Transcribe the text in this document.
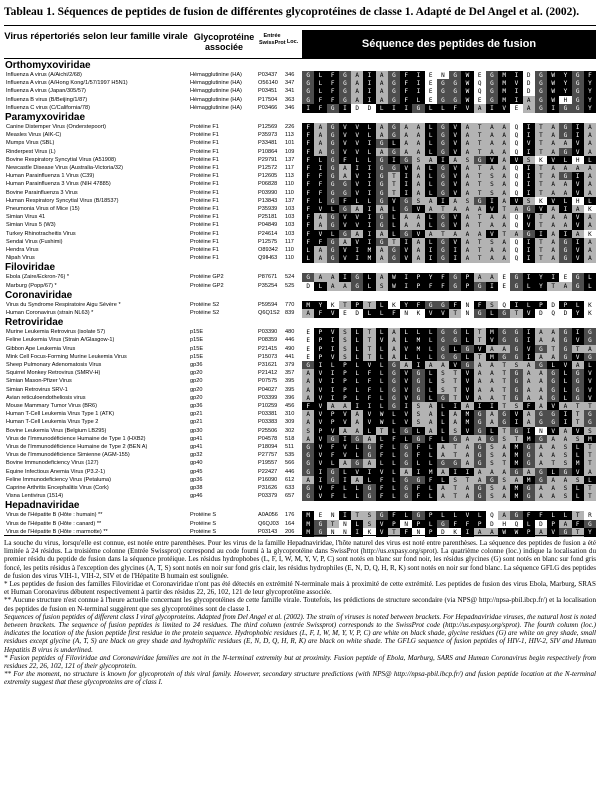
Tableau 1. Séquences de peptides de fusion de différentes glycoprotéines de classe 1. Adapté de Del Angel et al. (2002).
Virus répertoriés selon leur famille virale Glycoprotéine associée
Entrée SwissProt Loc.	Séquence des peptides de fusion
Orthomyxoviridae
Influenza A virus (A/Aichi/2/68)	Hémagglutinine (HA)	P03437	346	G	L	F	G	A	I	A	G	F	I	E	N	G	W	E	G	M	I	D	G	W	Y	G	F
Influenza A virus (A/Hong Kong/1/57/1997 H5N1)	Hémagglutinine (HA)	O56140	347	G	L	F	G	A	I	A	G	F	I	E	G	G	W	Q	G	M	V	D	G	W	Y	G	Y
Influenza A virus (Japan/305/57)	Hémagglutinine (HA)	P03451	341	G	L	F	G	A	I	A	G	F	I	E	G	G	W	Q	G	M	I	D	G	W	Y	G	Y
Influenza B virus (B/Beijing/1/87)	Hémagglutinine (HA)	P17504	363	G	F	F	G	A	I	A	G	F	L	E	G	G	W	E	G	M	I	A	G	W	H	G	Y
Influenza C virus (C/California/78)	Hémagglutinine (HA)	P03466	346	I	F	G	I	D	D	L	I	I	G	L	L	F	V	A	I	V	E	A	G	I	G	G	Y
Paramyxoviridae
Canine Distemper Virus (Onderstepoort)	Protéine F1	P12569	226	F	A	G	V	V	L	A	G	A	A	L	G	V	A	T	A	A	Q	I	T	A	G	I	A
Measles Virus (AIK-C)	Protéine F1	P35973	113	F	A	G	V	V	L	A	G	A	A	L	G	V	A	T	A	A	Q	I	T	A	G	I	A
Mumps Virus (SBL)	Protéine F1	P33481	101	F	A	G	V	V	I	G	L	A	A	L	G	V	A	T	A	A	Q	V	T	A	A	V	A
Rinderpest Virus (L)	Protéine F1	P10864	109	F	A	G	V	V	L	A	G	A	A	L	G	V	A	T	A	A	Q	I	T	A	G	V	A
Bovine Respiratory Syncytial Virus (A51908)	Protéine F1	P29791	137	F	L	G	F	L	L	G	I	G	S	A	I	A	S	G	V	A	V	S	K	V	L	H	L
Newcastle Disease Virus (Australia-Victoria/32)	Protéine F1	P12572	117	F	I	G	A	I	I	G	G	V	A	L	G	V	A	T	A	A	Q	I	T	A	A	A	A
Human Parainfluenza 1 Virus (C39)	Protéine F1	P12605	113	F	F	G	A	V	I	G	T	I	A	L	G	V	A	T	S	A	Q	I	T	A	G	I	A
Human Parainfluenza 3 Virus (NIH 47885)	Protéine F1	P06828	110	F	F	G	G	V	I	G	T	I	A	L	G	V	A	T	S	A	Q	I	T	A	A	V	A
Bovine Parainfluenza 3 Virus	Protéine F1	P03990	110	F	F	G	G	V	I	G	T	I	A	L	G	V	A	T	S	A	Q	I	T	A	A	V	A
Human Respiratory Syncytial Virus (B/18537)	Protéine F1	P13843	137	F	L	G	F	L	L	G	V	G	S	A	I	A	S	G	I	A	V	S	K	V	L	H	L
Pneumonia Virus of Mice (15)	Protéine F1	P35939	103	F	V	L	G	A	I	A	L	G	V	A	T	A	A	A	V	T	A	G	V	A	I	A	K
Simian Virus 41	Protéine F1	P25181	103	F	A	G	V	V	I	G	L	A	A	L	G	V	A	T	A	A	Q	V	T	A	A	V	A
Simian Virus 5 (W3)	Protéine F1	P04849	103	F	A	G	V	V	I	G	L	A	A	L	G	V	A	T	A	A	Q	V	T	A	A	V	A
Turkey Rhinotracheitis Virus	Protéine F1	P24614	103	F	V	L	G	A	I	A	L	G	V	A	T	A	A	A	V	T	A	G	I	A	I	A	K
Sendai Virus (Fushimi)	Protéine F1	P12575	117	F	F	G	A	V	I	G	T	I	A	L	G	V	A	T	S	A	Q	I	T	A	G	I	A
Hendra Virus	Protéine F1	O89342	110	L	A	G	V	I	M	A	G	V	A	I	G	I	A	T	A	A	Q	I	T	A	G	V	A
Nipah Virus	Protéine F1	Q9IH63	110	L	A	G	V	I	M	A	G	V	A	I	G	I	A	T	A	A	Q	I	T	A	G	V	A
Filoviridae
Ebola (Zaire/Eckron-76) *	Protéine GP2	P87671	524	G	A	A	I	G	L	A	W	I	P	Y	F	G	P	A	A	E	G	I	Y	I	E	G	L
Marburg (Popp/67) *	Protéine GP2	P35254	525	D	L	A	A	G	L	S	W	I	P	F	F	G	P	G	I	E	G	L	Y	T	A	G	L
Coronaviridae
Virus du Syndrome Respiratoire Aigu Sévère *	Protéine S2	P59594	770	M	Y	K	T	P	T	L	K	Y	F	G	G	F	N	F	S	Q	I	L	P	D	P	L	K
Human Coronavirus (strain NL63) *	Protéine S2	Q6Q1S2 839	A	F	V	E	D	L	L	F	N	K	V	V	T	N	G	L	G	T	V	D	Q	D	Y	K
Retroviridae
Murine Leukemia Retrovirus (isolate 57)	p15E	P03390	480	E	P	V	S	L	T	L	A	L	L	L	G	G	L	T	M	G	G	I	A	A	G	I	G
Feline Leukemia Virus (Strain A/Glasgow-1)	p15E	P08359	446	E	P	I	S	L	T	V	A	L	M	L	G	G	L	T	V	G	G	I	A	A	G	V	G
Gibbon Ape Leukemia Virus	p15E	P21415	490	E	P	I	S	L	T	L	A	V	M	L	G	L	G	V	A	A	G	V	G	T	G	T	A
Mink Cell Focus-Forming Murine Leukemia Virus	p15E	P15073	441	E	P	V	S	L	T	L	A	L	L	L	G	G	L	T	M	G	G	I	A	A	G	V	G
Sheep Pulmonary Adenomatosis Virus	gp36	P31621	379	G	I	L	P	L	V	L	G	A	I	A	A	V	G	A	A	T	S	A	G	L	V	A	L
Squirrel Monkey Retrovirus (SMRV-H)	gp20	P21412	357	A	V	I	P	L	F	L	G	V	G	L	S	T	V	A	A	T	G	A	A	G	L	G	V
Simian Mason-Pfizer Virus	gp20	P07575	395	A	V	I	P	L	F	L	G	V	G	L	S	T	V	A	A	T	G	A	A	G	L	G	V
Simian Retrovirus SRV-1	gp20	P04027	395	A	V	I	P	L	F	L	G	V	G	L	S	T	V	A	A	T	G	A	A	G	L	G	V
Avian reticuloendotheliosis virus	gp20	P03399	396	A	V	I	P	L	F	L	G	V	G	L	G	T	V	A	A	T	G	A	A	G	L	G	V
Mouse Mammary Tumor Virus (BR6)	gp36	P10259	456	F	V	A	A	I	I	L	G	I	S	A	L	I	A	I	I	T	S	F	A	V	A	T	T
Human T-Cell Leukemia Virus Type 1 (ATK)	gp21	P03381	310	A	V	P	V	A	V	W	L	V	S	A	L	A	M	G	A	G	V	A	G	G	I	T	G
Human T-Cell Leukemia Virus Type 2	gp21	P03383	309	A	V	P	V	A	V	W	L	V	S	A	L	A	M	G	A	G	I	A	G	G	I	T	G
Bovine Leukemia Virus (Belgium LB295)	gp30	P25506	302	S	P	V	A	A	L	T	L	G	L	A	L	S	V	G	L	T	G	I	N	V	A	V	S
Virus de l'Immunodéficience Humaine de Type 1 (HXB2)	gp41	P04578	518	A	V	G	I	G	A	L	F	L	G	F	L	G	A	A	G	S	T	M	G	A	A	S	M
Virus de l'Immunodéficience Humaine de Type 2 (BEN A)	gp41	P18094	511	G	V	F	V	L	G	F	L	G	F	L	A	T	A	G	S	A	M	G	A	A	S	L	T
Virus de l'Immunodéficience Simienne (AGM-155)	gp32	P27757	535	G	V	F	V	L	G	F	L	G	F	L	A	T	A	G	S	A	M	G	A	A	S	L	T
Bovine Immunodeficiency Virus (127)	gp40	P19557	566	G	V	L	A	G	A	L	L	G	L	L	G	G	A	G	S	T	M	G	A	T	S	M	T
Equine Infectious Anemia Virus (P3.2-1)	gp45	P22427	446	G	I	G	L	V	I	V	L	A	I	M	A	I	I	A	A	A	G	A	G	L	G	V	A
Feline Immunodeficiency Virus (Petaluma)	gp36	P16090	612	A	I	G	I	A	L	F	L	G	G	F	L	S	T	A	G	S	A	M	G	A	A	S	L
Caprine Arthritis Encephalitis Virus (Cork)	gp38	P31626	633	G	V	F	L	L	G	F	L	G	F	L	A	T	A	G	S	A	M	G	A	A	S	L	T
Visna Lentivirus (1514)	gp46	P03379	657	G	V	F	L	L	G	F	L	G	F	L	A	T	A	G	S	A	M	G	A	A	S	L	T
Hepadnaviridae
Virus de l'Hépatite B (Hôte : humain) **	Protéine S	A0A056	176	M	E	N	I	T	S	G	F	L	G	P	L	L	V	L	Q	A	G	F	F	L	L	T	R
Virus de l'Hépatite B (Hôte : canard) **	Protéine S	Q6QJ03	164	M	G	T	N	L	S	V	P	N	P	L	G	F	F	P	D	H	Q	L	D	P	A	F	G
Virus de l'Hépatite B (Hôte : marmotte) **	Protéine S	P03143	206	M	G	N	N	I	K	V	T	F	N	P	D	K	I	A	A	W	W	P	A	V	G	T	Y

La souche du virus, lorsqu'elle est connue, est notée entre parenthèses. Pour les virus de la famille Hepadnaviridae, l'hôte naturel des virus est noté entre parenthèses. La séquence des peptides de fusion a été limitée à 24 résidus. La troisième colonne (Entrée Swissprot) correspond au code fourni à la glycoprotéine dans SwissProt (http://us.expasy.org/sprot). La quatrième colonne (loc.) indique la localisation du premier résidu du peptide de fusion dans la séquence protéique. Les résidus hydrophobes (L, F, I, W, M, Y, V, P, C) sont notés en blanc sur fond noir, les résidus glycines (G) sont notés en blanc sur fond gris foncé, les petits résidus à l'exception des glycines (A, T, S) sont notés en noir sur fond gris clair, les résidus hydrophiles (E, N, D, Q, H, R, K) sont notés en noir sur fond blanc. La séquence GFLG des peptides de fusion des virus VIH-1, VIH-2, SIV et de l'Hépatite B humain est soulignée.

* Les peptides de fusion des familles Filoviridae et Coronaviridae n'ont pas été détectés en extrémité N-terminale mais à proximité de cette extrémité. Les peptides de fusion des virus Ebola, Marburg, SRAS et Human Coronavirus débutent respectivement à partir des résidus 22, 26, 102, 121 de leur glycoprotéine associée.

** Aucune structure n'est connue à l'heure actuelle concernant les glycoprotéines de cette famille virale. Toutefois, les prédictions de structure secondaire (via NPS@ http://npsa-pbil.ibcp.fr/) et la localisation des peptides de fusion en N-terminal suggèrent que ses glycoprotéines sont de classe I.

Sequences of fusion peptides of different class I viral glycoproteins. Adapted from Del Angel et al. (2002). The strain of viruses is noted between brackets. For Hepadnaviridae viruses, the natural host is noted between brackets. The sequence of fusion peptides is limited to 24 residues. The third column (entrée Swissprot) corresponds to the SwissProt code (http://us.expasy.org/sprot). The fourth column (loc.) indicates the location of the fusion peptide first residue in the protein sequence. Hydrophobic residues (L, F, I, W, M, Y, V, P, C) are white on black shade, glycine residues (G) are white on grey shade, small residues except glycine (A, T, S) are black on grey shade and hydrophilic residues (E, N, D, Q, H, R, K) are black on white shade. The GFLG sequence of fusion peptides of HIV-1, HIV-2, SIV and Human Hepatitis B virus is underlined.

* Fusion peptides of Filoviridae and Coronaviridae families are not in the N-terminal extremity but at proximity. Fusion peptide of Ebola, Marburg, SARS and Human Coronavirus begin respectively from residues 22, 26, 102, 121 of their glycoprotein.

** For the moment, no structure is known for glycoprotein of this viral family. However, secondary structure predictions (with NPS@ http://npsa-pbil.ibcp.fr/) and fusion peptide location at the N-terminal extremity suggest that these glycoproteins are of class I.
